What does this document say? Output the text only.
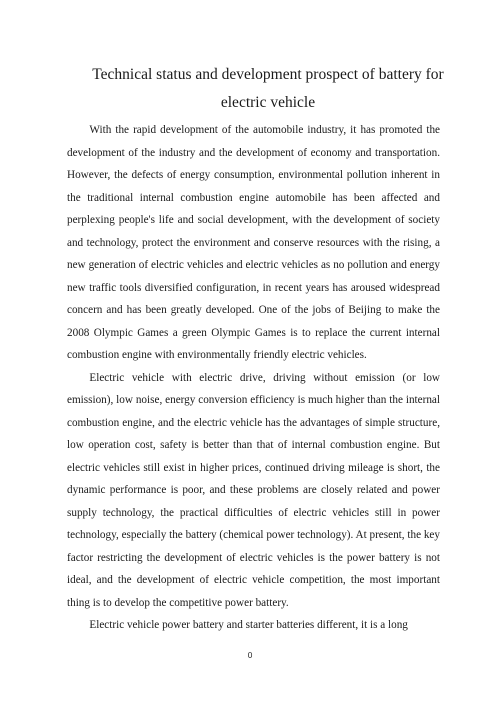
Technical status and development prospect of battery for
electric vehicle

With the rapid development of the automobile industry, it has promoted the development of the industry and the development of economy and transportation. However, the defects of energy consumption, environmental pollution inherent in the traditional internal combustion engine automobile has been affected and perplexing people's life and social development, with the development of society and technology, protect the environment and conserve resources with the rising, a new generation of electric vehicles and electric vehicles as no pollution and energy new traffic tools diversified configuration, in recent years has aroused widespread concern and has been greatly developed. One of the jobs of Beijing to make the 2008 Olympic Games a green Olympic Games is to replace the current internal combustion engine with environmentally friendly electric vehicles.

Electric vehicle with electric drive, driving without emission (or low emission), low noise, energy conversion efficiency is much higher than the internal combustion engine, and the electric vehicle has the advantages of simple structure, low operation cost, safety is better than that of internal combustion engine. But electric vehicles still exist in higher prices, continued driving mileage is short, the dynamic performance is poor, and these problems are closely related and power supply technology, the practical difficulties of electric vehicles still in power technology, especially the battery (chemical power technology). At present, the key factor restricting the development of electric vehicles is the power battery is not ideal, and the development of electric vehicle competition, the most important thing is to develop the competitive power battery.

Electric vehicle power battery and starter batteries different, it is a long

0
